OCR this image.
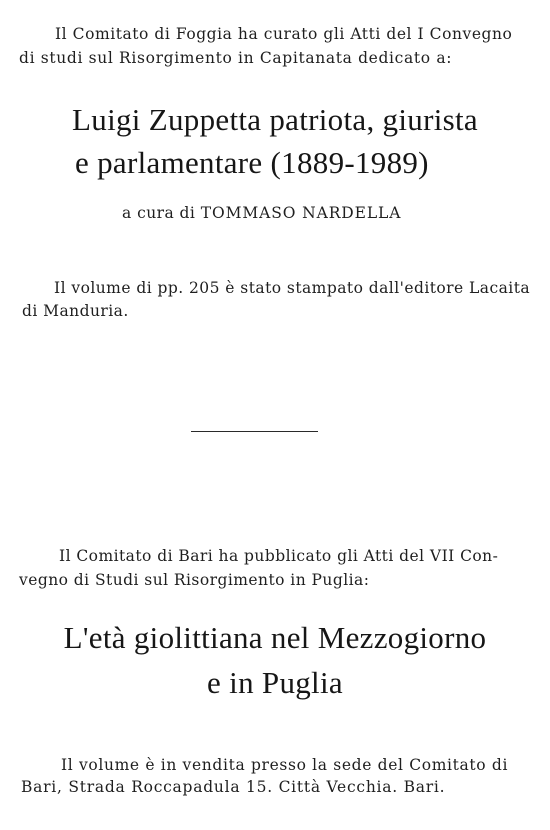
Il Comitato di Foggia ha curato gli Atti del I Convegno
di studi sul Risorgimento in Capitanata dedicato a:
Luigi Zuppetta patriota, giurista
e parlamentare (1889-1989)
a cura di TOMMASO NARDELLA
Il volume di pp. 205 è stato stampato dall'editore Lacaita
di Manduria.
Il Comitato di Bari ha pubblicato gli Atti del VII Con-
vegno di Studi sul Risorgimento in Puglia:
L'età giolittiana nel Mezzogiorno
e in Puglia
Il volume è in vendita presso la sede del Comitato di
Bari, Strada Roccapadula 15. Città Vecchia. Bari.
